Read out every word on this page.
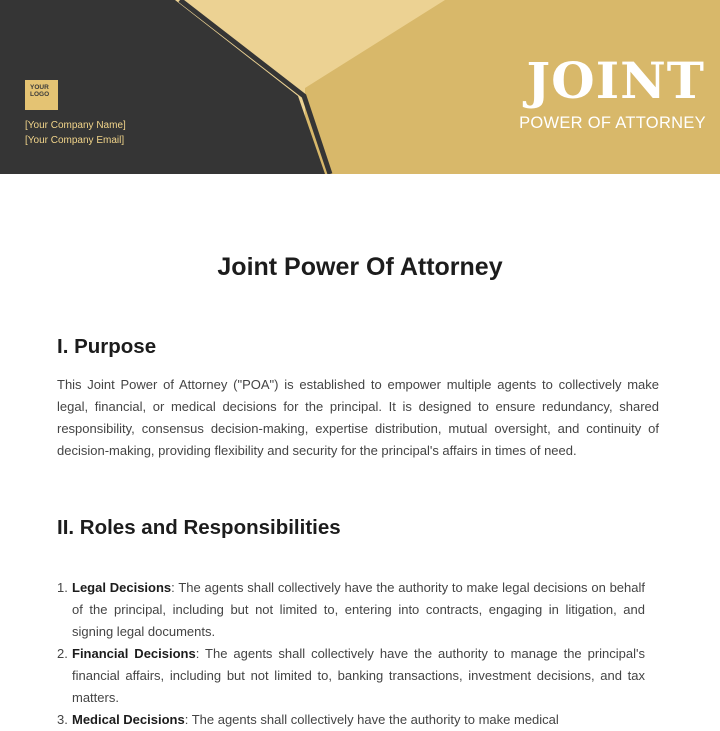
YOUR
LOGO
[Your Company Name]
[Your Company Email]
JOINT
POWER OF ATTORNEY
Joint Power Of Attorney
I. Purpose
This Joint Power of Attorney ("POA") is established to empower multiple agents to collectively make legal, financial, or medical decisions for the principal. It is designed to ensure redundancy, shared responsibility, consensus decision-making, expertise distribution, mutual oversight, and continuity of decision-making, providing flexibility and security for the principal's affairs in times of need.
II. Roles and Responsibilities
1. Legal Decisions: The agents shall collectively have the authority to make legal decisions on behalf of the principal, including but not limited to, entering into contracts, engaging in litigation, and signing legal documents.
2. Financial Decisions: The agents shall collectively have the authority to manage the principal's financial affairs, including but not limited to, banking transactions, investment decisions, and tax matters.
3. Medical Decisions: The agents shall collectively have the authority to make medical
